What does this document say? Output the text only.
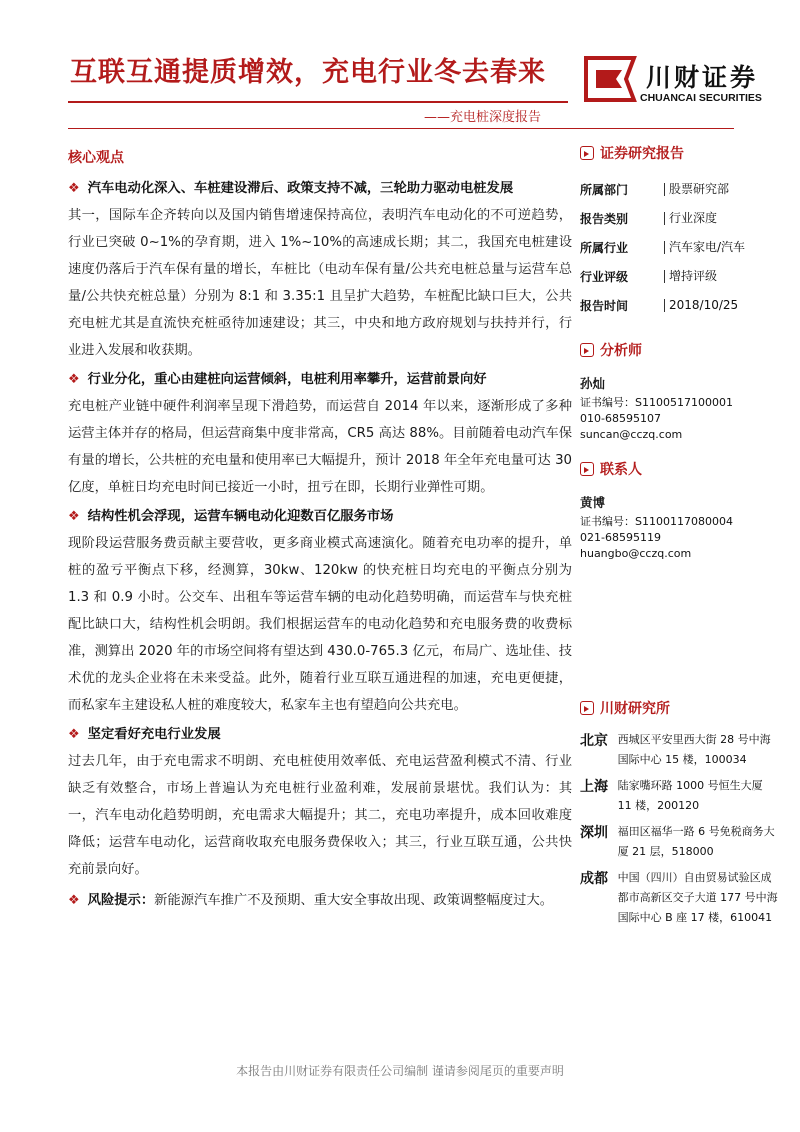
互联互通提质增效，充电行业冬去春来	川财证券
CHUANCAI SECURITIES
——充电桩深度报告
核心观点
❖ 汽车电动化深入、车桩建设滞后、政策支持不减，三轮助力驱动电桩发展
其一，国际车企齐转向以及国内销售增速保持高位，表明汽车电动化的不可逆趋势，行业已突破 0~1%的孕育期，进入 1%~10%的高速成长期；其二，我国充电桩建设速度仍落后于汽车保有量的增长，车桩比（电动车保有量/公共充电桩总量与运营车总量/公共快充桩总量）分别为 8:1 和 3.35:1 且呈扩大趋势，车桩配比缺口巨大，公共充电桩尤其是直流快充桩亟待加速建设；其三，中央和地方政府规划与扶持并行，行业进入发展和收获期。
❖ 行业分化，重心由建桩向运营倾斜，电桩利用率攀升，运营前景向好
充电桩产业链中硬件利润率呈现下滑趋势，而运营自 2014 年以来，逐渐形成了多种运营主体并存的格局，但运营商集中度非常高，CR5 高达 88%。目前随着电动汽车保有量的增长，公共桩的充电量和使用率已大幅提升，预计 2018 年全年充电量可达 30 亿度，单桩日均充电时间已接近一小时，扭亏在即，长期行业弹性可期。
❖ 结构性机会浮现，运营车辆电动化迎数百亿服务市场
现阶段运营服务费贡献主要营收，更多商业模式高速演化。随着充电功率的提升，单桩的盈亏平衡点下移，经测算，30kw、120kw 的快充桩日均充电的平衡点分别为 1.3 和 0.9 小时。公交车、出租车等运营车辆的电动化趋势明确，而运营车与快充桩配比缺口大，结构性机会明朗。我们根据运营车的电动化趋势和充电服务费的收费标准，测算出 2020 年的市场空间将有望达到 430.0-765.3 亿元，布局广、选址佳、技术优的龙头企业将在未来受益。此外，随着行业互联互通进程的加速，充电更便捷，而私家车主建设私人桩的难度较大，私家车主也有望趋向公共充电。
❖ 坚定看好充电行业发展
过去几年，由于充电需求不明朗、充电桩使用效率低、充电运营盈利模式不清、行业缺乏有效整合，市场上普遍认为充电桩行业盈利难，发展前景堪忧。我们认为：其一，汽车电动化趋势明朗，充电需求大幅提升；其二，充电功率提升，成本回收难度降低；运营车电动化，运营商收取充电服务费保收入；其三，行业互联互通，公共快充前景向好。
❖ 风险提示：新能源汽车推广不及预期、重大安全事故出现、政策调整幅度过大。
证券研究报告
所属部门	股票研究部
报告类别	行业深度
所属行业	汽车家电/汽车
行业评级	增持评级
报告时间	2018/10/25
分析师
孙灿
证书编号：S1100517100001
010-68595107
suncan@cczq.com
联系人
黄博
证书编号：S1100117080004
021-68595119
huangbo@cczq.com
川财研究所
北京 西城区平安里西大街 28 号中海国际中心 15 楼，100034
上海 陆家嘴环路 1000 号恒生大厦 11 楼，200120
深圳 福田区福华一路 6 号免税商务大厦 21 层，518000
成都 中国（四川）自由贸易试验区成都市高新区交子大道 177 号中海国际中心 B 座 17 楼，610041
本报告由川财证券有限责任公司编制 谨请参阅尾页的重要声明
